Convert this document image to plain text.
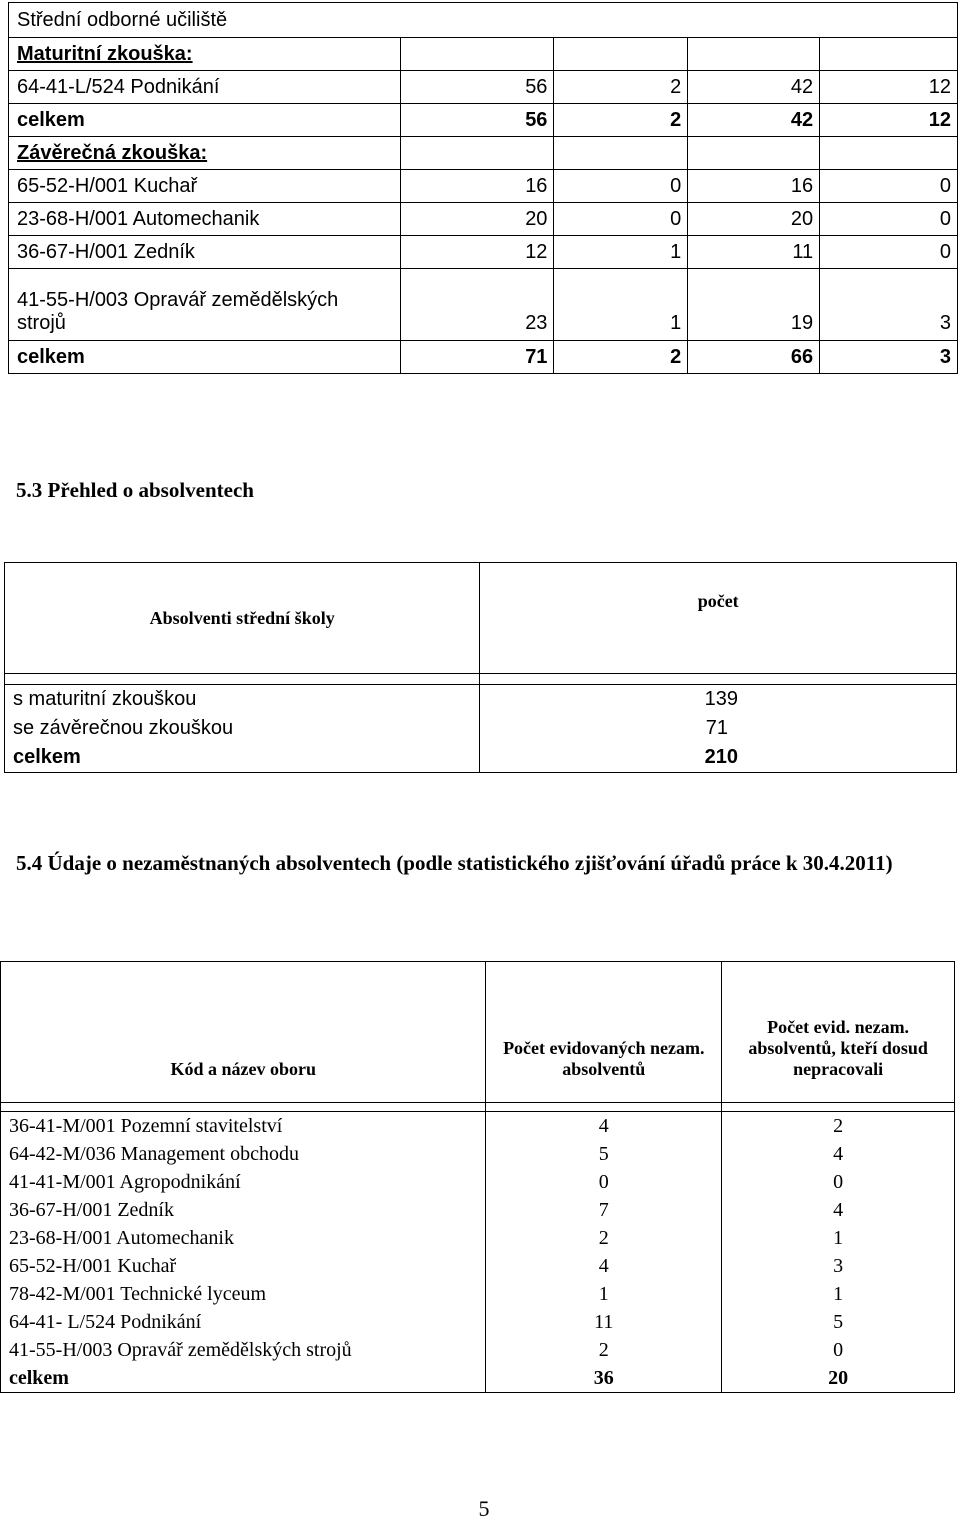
Střední odborné učiliště				
Maturitní zkouška:				
64-41-L/524 Podnikání	56	2	42	12
celkem	56	2	42	12
Závěrečná zkouška:				
65-52-H/001 Kuchař	16	0	16	0
23-68-H/001 Automechanik	20	0	20	0
36-67-H/001 Zedník	12	1	11	0

41-55-H/003 Opravář zemědělských
strojů	23	1	19	3
celkem	71	2	66	3
5.3 Přehled o absolventech
Absolventi střední školy	počet

s maturitní zkouškou	139
se závěrečnou zkouškou	71
celkem	210
5.4 Údaje o nezaměstnaných absolventech (podle statistického zjišťování úřadů práce k 30.4.2011)
Kód a název oboru	Počet evidovaných nezam. absolventů	Počet evid. nezam. absolventů, kteří dosud nepracovali

36-41-M/001 Pozemní stavitelství	4	2
64-42-M/036 Management obchodu	5	4
41-41-M/001 Agropodnikání	0	0
36-67-H/001 Zedník	7	4
23-68-H/001 Automechanik	2	1
65-52-H/001 Kuchař	4	3
78-42-M/001 Technické lyceum	1	1
64-41- L/524 Podnikání	11	5
41-55-H/003 Opravář zemědělských strojů	2	0
celkem	36	20
5
